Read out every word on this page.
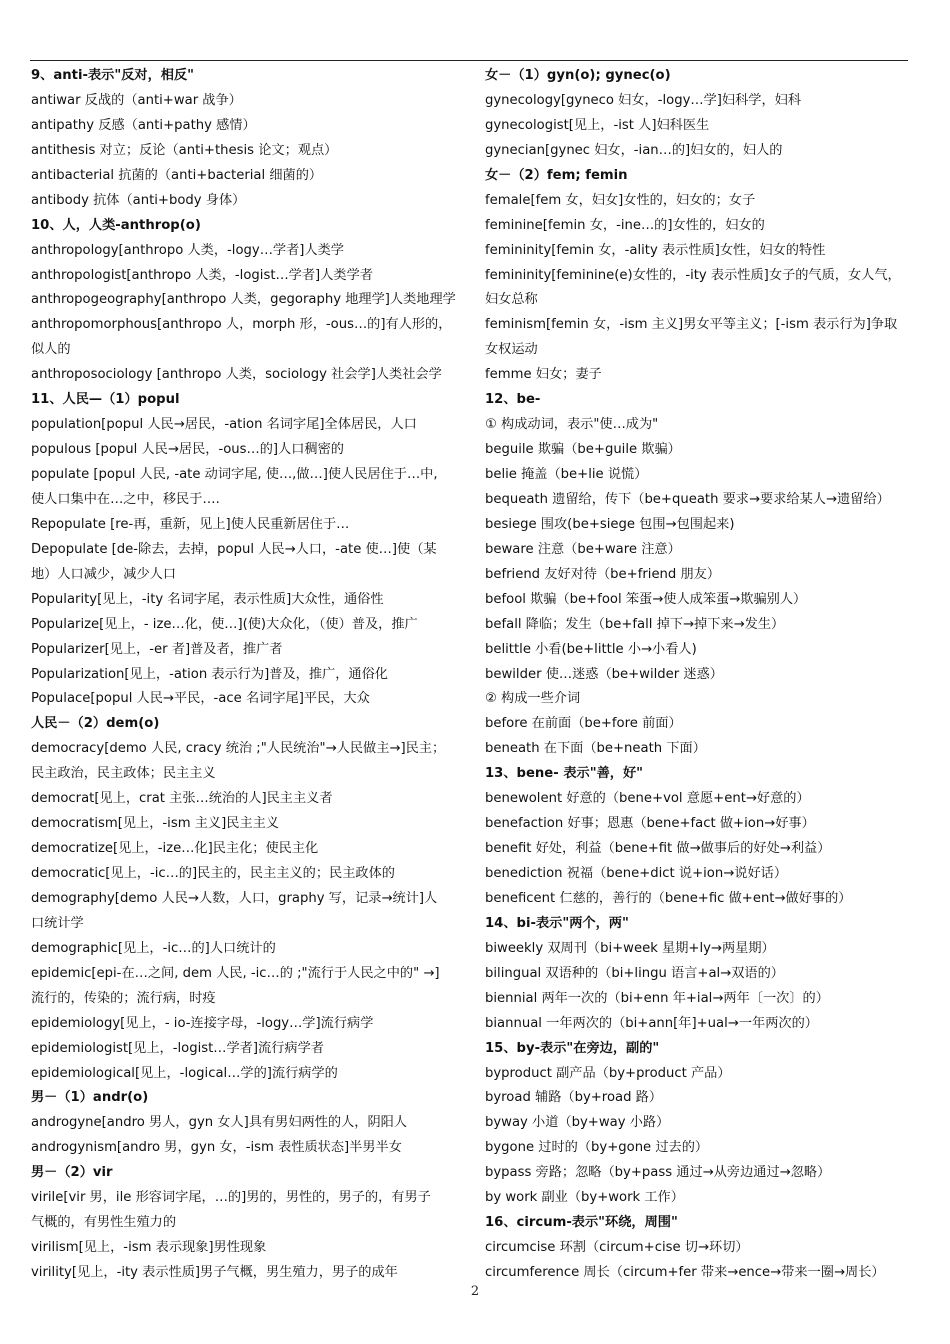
9、anti-表示"反对，相反"
antiwar 反战的（anti+war 战争）
antipathy 反感（anti+pathy 感情）
antithesis 对立；反论（anti+thesis 论文；观点）
antibacterial 抗菌的（anti+bacterial 细菌的）
antibody 抗体（anti+body 身体）
10、人，人类-anthrop(o)
anthropology[anthropo 人类，-logy…学者]人类学
anthropologist[anthropo 人类，-logist…学者]人类学者
anthropogeography[anthropo 人类，gegoraphy 地理学]人类地理学
anthropomorphous[anthropo 人，morph 形，-ous…的]有人形的，
似人的
anthroposociology [anthropo 人类，sociology 社会学]人类社会学
11、人民—（1）popul
population[popul 人民→居民，-ation 名词字尾]全体居民，人口
populous [popul 人民→居民，-ous…的]人口稠密的
populate [popul 人民, -ate 动词字尾, 使…,做…]使人民居住于…中,
使人口集中在…之中，移民于….
Repopulate [re-再，重新，见上]使人民重新居住于…
Depopulate [de-除去，去掉，popul 人民→人口，-ate 使…]使（某
地）人口减少，减少人口
Popularity[见上，-ity 名词字尾，表示性质]大众性，通俗性
Popularize[见上，- ize…化，使…](使)大众化，（使）普及，推广
Popularizer[见上，-er 者]普及者，推广者
Popularization[见上，-ation 表示行为]普及，推广，通俗化
Populace[popul 人民→平民，-ace 名词字尾]平民，大众
人民－（2）dem(o)
democracy[demo 人民, cracy 统治 ;"人民统治"→人民做主→]民主；
民主政治，民主政体；民主主义
democrat[见上，crat 主张…统治的人]民主主义者
democratism[见上，-ism 主义]民主主义
democratize[见上，-ize…化]民主化；使民主化
democratic[见上，-ic…的]民主的，民主主义的；民主政体的
demography[demo 人民→人数，人口，graphy 写，记录→统计]人
口统计学
demographic[见上，-ic…的]人口统计的
epidemic[epi-在…之间, dem 人民, -ic…的 ;"流行于人民之中的" →]
流行的，传染的；流行病，时疫
epidemiology[见上，- io-连接字母，-logy…学]流行病学
epidemiologist[见上，-logist…学者]流行病学者
epidemiological[见上，-logical…学的]流行病学的
男－（1）andr(o)
androgyne[andro 男人，gyn 女人]具有男妇两性的人，阴阳人
androgynism[andro 男，gyn 女，-ism 表性质状态]半男半女
男－（2）vir
virile[vir 男，ile 形容词字尾，…的]男的，男性的，男子的，有男子
气概的，有男性生殖力的
virilism[见上，-ism 表示现象]男性现象
virility[见上，-ity 表示性质]男子气概，男生殖力，男子的成年
女－（1）gyn(o); gynec(o)
gynecology[gyneco 妇女，-logy…学]妇科学，妇科
gynecologist[见上，-ist 人]妇科医生
gynecian[gynec 妇女，-ian…的]妇女的，妇人的
女－（2）fem; femin
female[fem 女，妇女]女性的，妇女的；女子
feminine[femin 女，-ine…的]女性的，妇女的
femininity[femin 女，-ality 表示性质]女性，妇女的特性
femininity[feminine(e)女性的，-ity 表示性质]女子的气质，女人气，
妇女总称
feminism[femin 女，-ism 主义]男女平等主义；[-ism 表示行为]争取
女权运动
femme 妇女；妻子
12、be-
① 构成动词，表示"使…成为"
beguile 欺骗（be+guile 欺骗）
belie 掩盖（be+lie 说慌）
bequeath 遗留给，传下（be+queath 要求→要求给某人→遗留给）
besiege 围攻(be+siege 包围→包围起来)
beware 注意（be+ware 注意）
befriend 友好对待（be+friend 朋友）
befool 欺骗（be+fool 笨蛋→使人成笨蛋→欺骗别人）
befall 降临；发生（be+fall 掉下→掉下来→发生）
belittle 小看(be+little 小→小看人)
bewilder 使…迷惑（be+wilder 迷惑）
② 构成一些介词
before 在前面（be+fore 前面）
beneath 在下面（be+neath 下面）
13、bene- 表示"善，好"
benewolent 好意的（bene+vol 意愿+ent→好意的）
benefaction 好事；恩惠（bene+fact 做+ion→好事）
benefit 好处，利益（bene+fit 做→做事后的好处→利益）
benediction 祝福（bene+dict 说+ion→说好话）
beneficent 仁慈的，善行的（bene+fic 做+ent→做好事的）
14、bi-表示"两个，两"
biweekly 双周刊（bi+week 星期+ly→两星期）
bilingual 双语种的（bi+lingu 语言+al→双语的）
biennial 两年一次的（bi+enn 年+ial→两年〔一次〕的）
biannual 一年两次的（bi+ann[年]+ual→一年两次的）
15、by-表示"在旁边，副的"
byproduct 副产品（by+product 产品）
byroad 辅路（by+road 路）
byway 小道（by+way 小路）
bygone 过时的（by+gone 过去的）
bypass 旁路；忽略（by+pass 通过→从旁边通过→忽略）
by work 副业（by+work 工作）
16、circum-表示"环绕，周围"
circumcise 环割（circum+cise 切→环切）
circumference 周长（circum+fer 带来→ence→带来一圈→周长）
2
